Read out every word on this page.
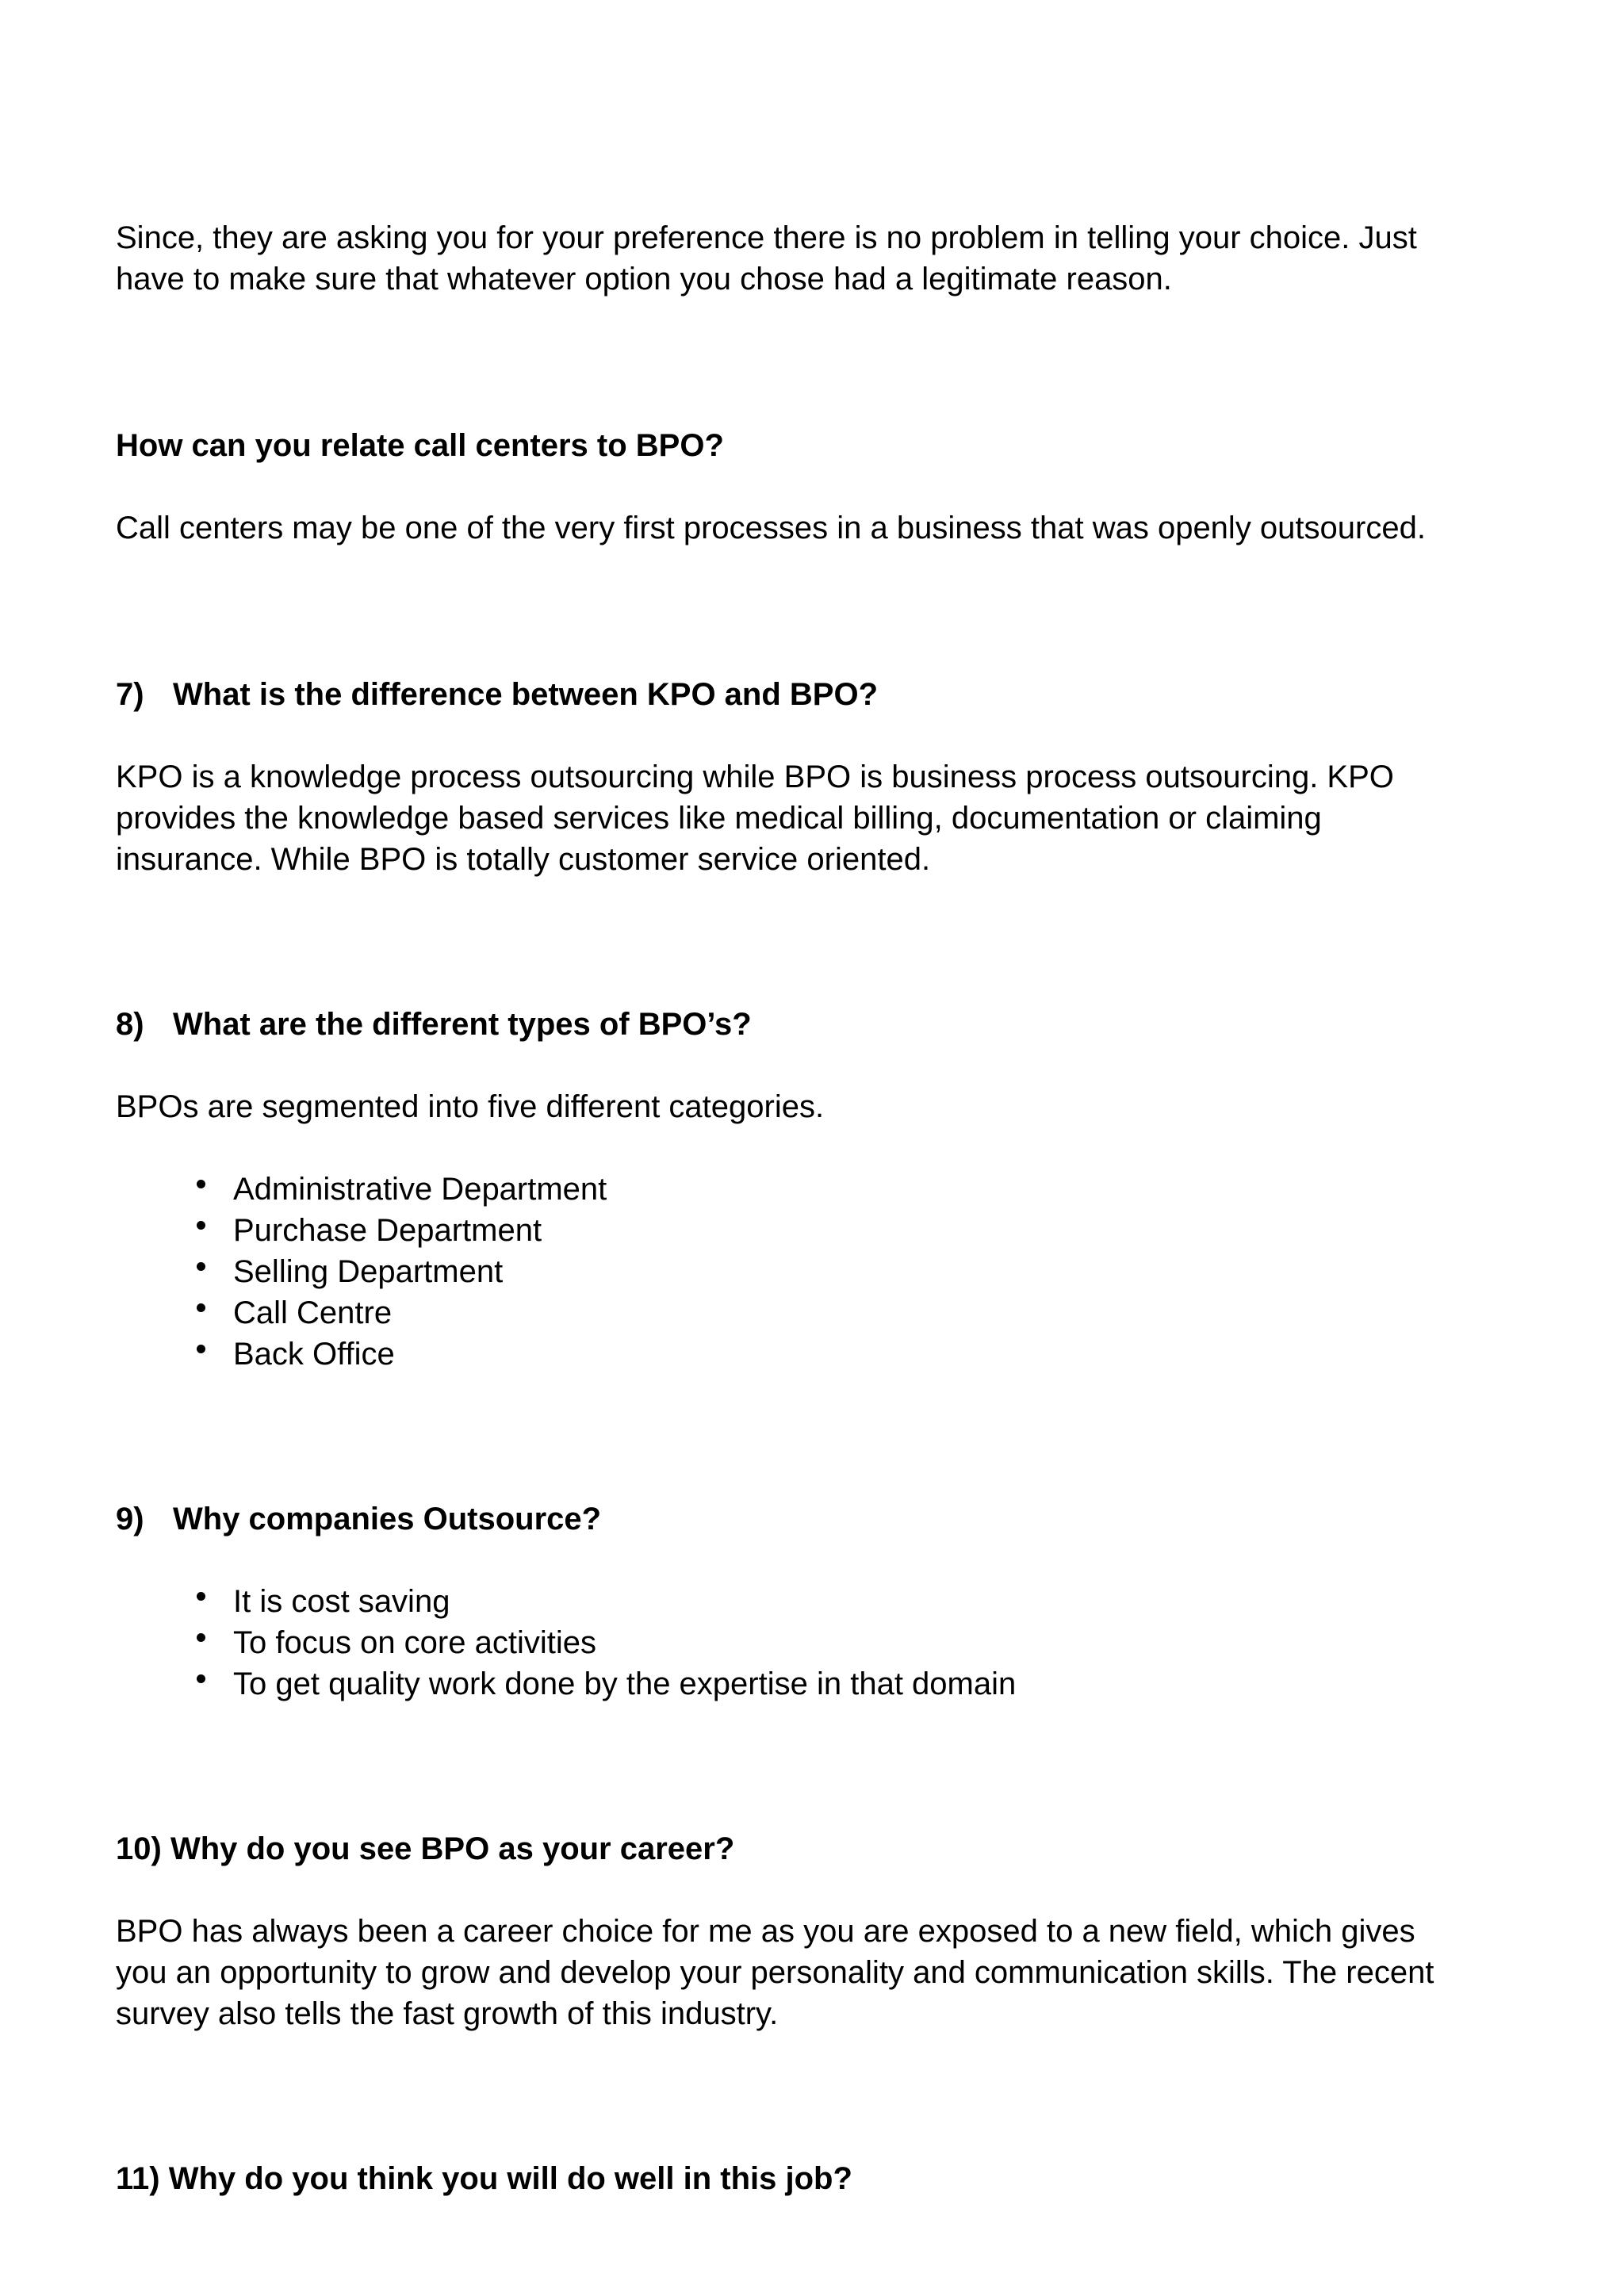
Since, they are asking you for your preference there is no problem in telling your choice. Just

have to make sure that whatever option you chose had a legitimate reason.

How can you relate call centers to BPO?

Call centers may be one of the very first processes in a business that was openly outsourced.

7) What is the difference between KPO and BPO?

KPO is a knowledge process outsourcing while BPO is business process outsourcing. KPO

provides the knowledge based services like medical billing, documentation or claiming

insurance. While BPO is totally customer service oriented.

8) What are the different types of BPO’s?

BPOs are segmented into five different categories.

Administrative Department
Purchase Department
Selling Department
Call Centre
Back Office

9) Why companies Outsource?

It is cost saving
To focus on core activities
To get quality work done by the expertise in that domain

10) Why do you see BPO as your career?

BPO has always been a career choice for me as you are exposed to a new field, which gives

you an opportunity to grow and develop your personality and communication skills. The recent

survey also tells the fast growth of this industry.

11) Why do you think you will do well in this job?
